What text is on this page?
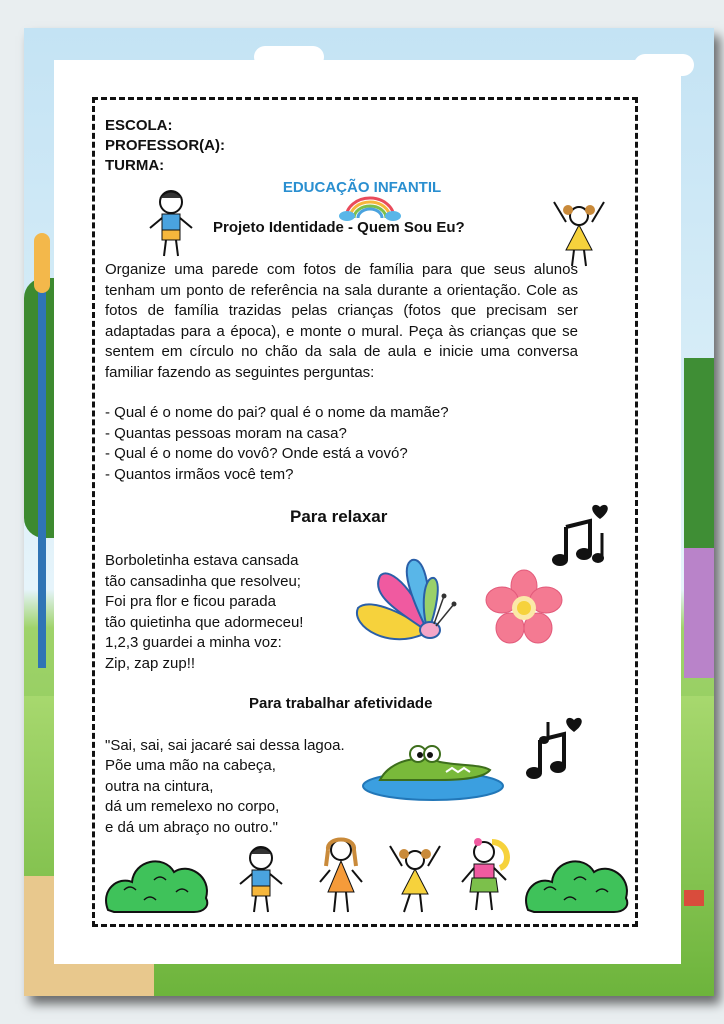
ESCOLA:
PROFESSOR(A):
TURMA:
EDUCAÇÃO INFANTIL
Projeto Identidade - Quem Sou Eu?
Organize uma parede com fotos de família para que seus alunos
tenham um ponto de referência na sala durante a orientação. Cole as
fotos de família trazidas pelas crianças (fotos que precisam ser
adaptadas para a época), e monte o mural. Peça às crianças que se
sentem em círculo no chão da sala de aula e inicie uma conversa
familiar fazendo as seguintes perguntas:
- Qual é o nome do pai? qual é o nome da mamãe?
- Quantas pessoas moram na casa?
- Qual é o nome do vovô? Onde está a vovó?
- Quantos irmãos você tem?
Para relaxar
Borboletinha estava cansada
tão cansadinha que resolveu;
Foi pra flor e ficou parada
tão quietinha que adormeceu!
1,2,3 guardei a minha voz:
Zip, zap zup!!
Para trabalhar afetividade
"Sai, sai, sai jacaré sai dessa lagoa.
Põe uma mão na cabeça,
outra na cintura,
dá um remelexo no corpo,
e dá um abraço no outro."
